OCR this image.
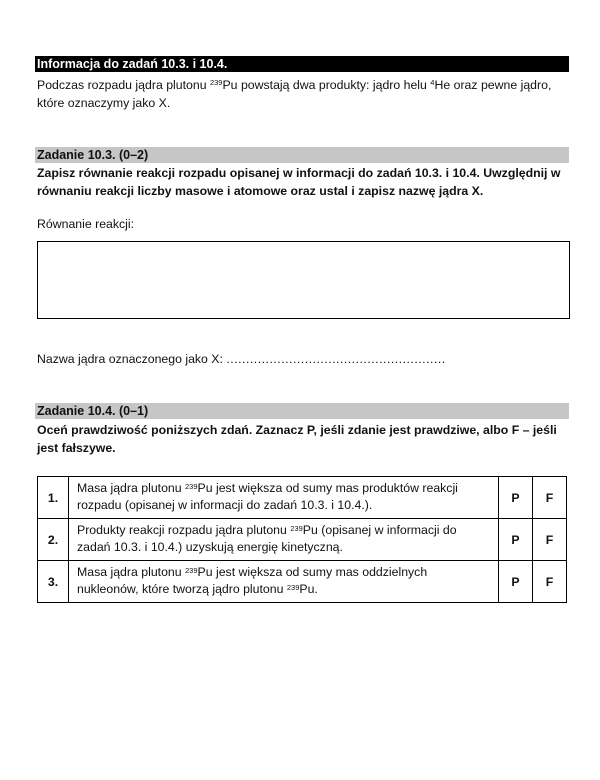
Informacja do zadań 10.3. i 10.4.
Podczas rozpadu jądra plutonu $^{239}$Pu powstają dwa produkty: jądro helu $^4$He oraz pewne jądro, które oznaczymy jako X.
Zadanie 10.3. (0–2)
Zapisz równanie reakcji rozpadu opisanej w informacji do zadań 10.3. i 10.4. Uwzględnij w równaniu reakcji liczby masowe i atomowe oraz ustal i zapisz nazwę jądra X.
Równanie reakcji:
Nazwa jądra oznaczonego jako X: ........................................................
Zadanie 10.4. (0–1)
Oceń prawdziwość poniższych zdań. Zaznacz P, jeśli zdanie jest prawdziwe, albo F – jeśli jest fałszywe.
1.	Masa jądra plutonu $^{239}$Pu jest większa od sumy mas produktów reakcji rozpadu (opisanej w informacji do zadań 10.3. i 10.4.).	P	F
2.	Produkty reakcji rozpadu jądra plutonu $^{239}$Pu (opisanej w informacji do zadań 10.3. i 10.4.) uzyskują energię kinetyczną.	P	F
3.	Masa jądra plutonu $^{239}$Pu jest większa od sumy mas oddzielnych nukleonów, które tworzą jądro plutonu $^{239}$Pu.	P	F
